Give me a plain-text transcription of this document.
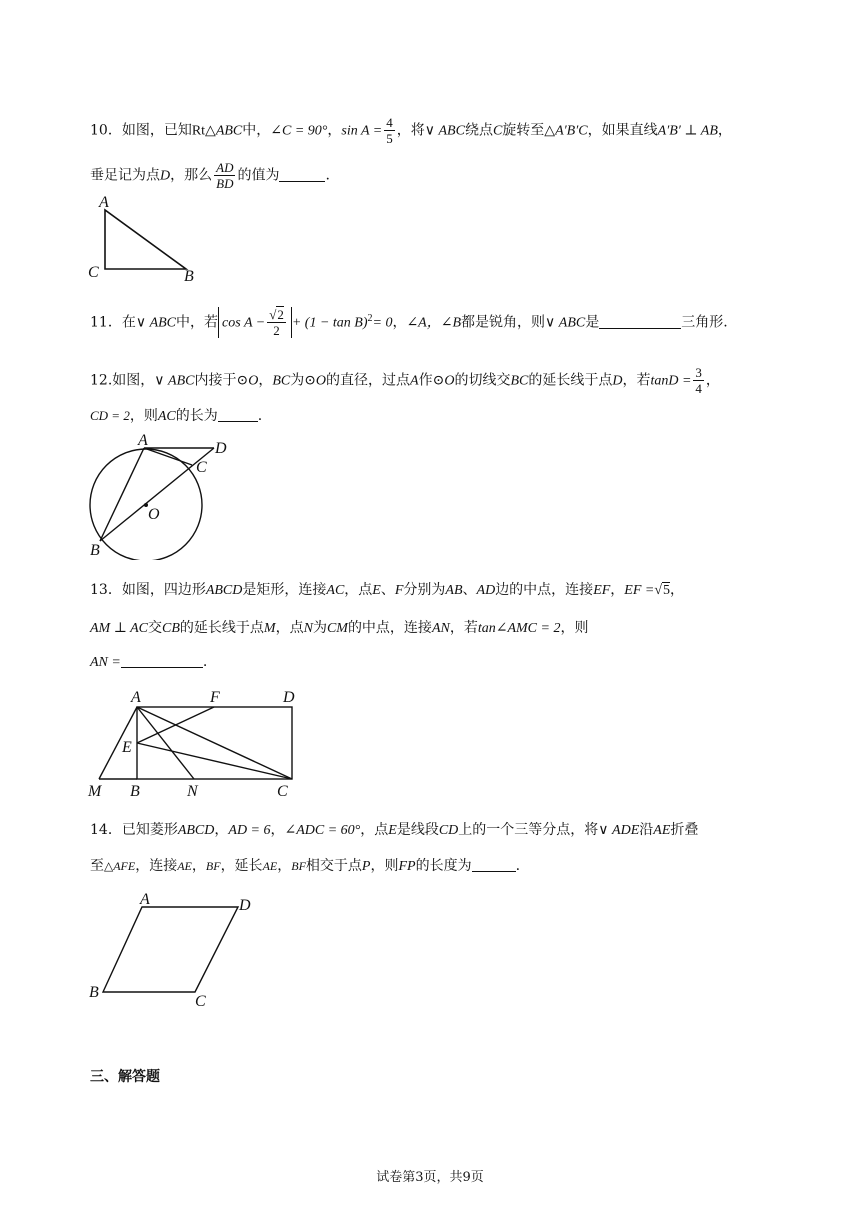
10．如图，已知Rt△ABC中，∠C = 90°，$\sin A = \frac{4}{5}$ ，将∨ ABC绕点C旋转至△A′B′C，如果直线A′B′ ⊥ AB，
垂足记为点D，那么 $\frac{AD}{BD}$ 的值为	.
A
C	B
11．在∨ ABC中，若 $\cos A - \frac{√2}{2} + (1 - \tan B)^2= 0$，∠A，∠B都是锐角，则∨ ABC是	三角形.
12.如图，∨ ABC内接于⊙O，BC为⊙O的直径，过点A作⊙O的切线交BC的延长线于点D，若$\tan D = \frac{3}{4}$ ，
CD = 2，则AC的长为	.
A	D
C
O
B
13．如图，四边形ABCD是矩形，连接AC，点E、F分别为AB、AD边的中点，连接EF，EF =√5，
AM ⊥ AC交CB的延长线于点M，点N为CM的中点，连接AN，若tan∠AMC = 2，则
AN =	.
A	F	D
E
M B	N	C
14．已知菱形ABCD，AD = 6，∠ADC = 60°，点E是线段CD上的一个三等分点，将∨ ADE沿AE折叠
至△AFE，连接AE，BF，延长AE，BF相交于点P，则FP的长度为	.
A	D
B
C
三、解答题
试卷第3页，共9页
